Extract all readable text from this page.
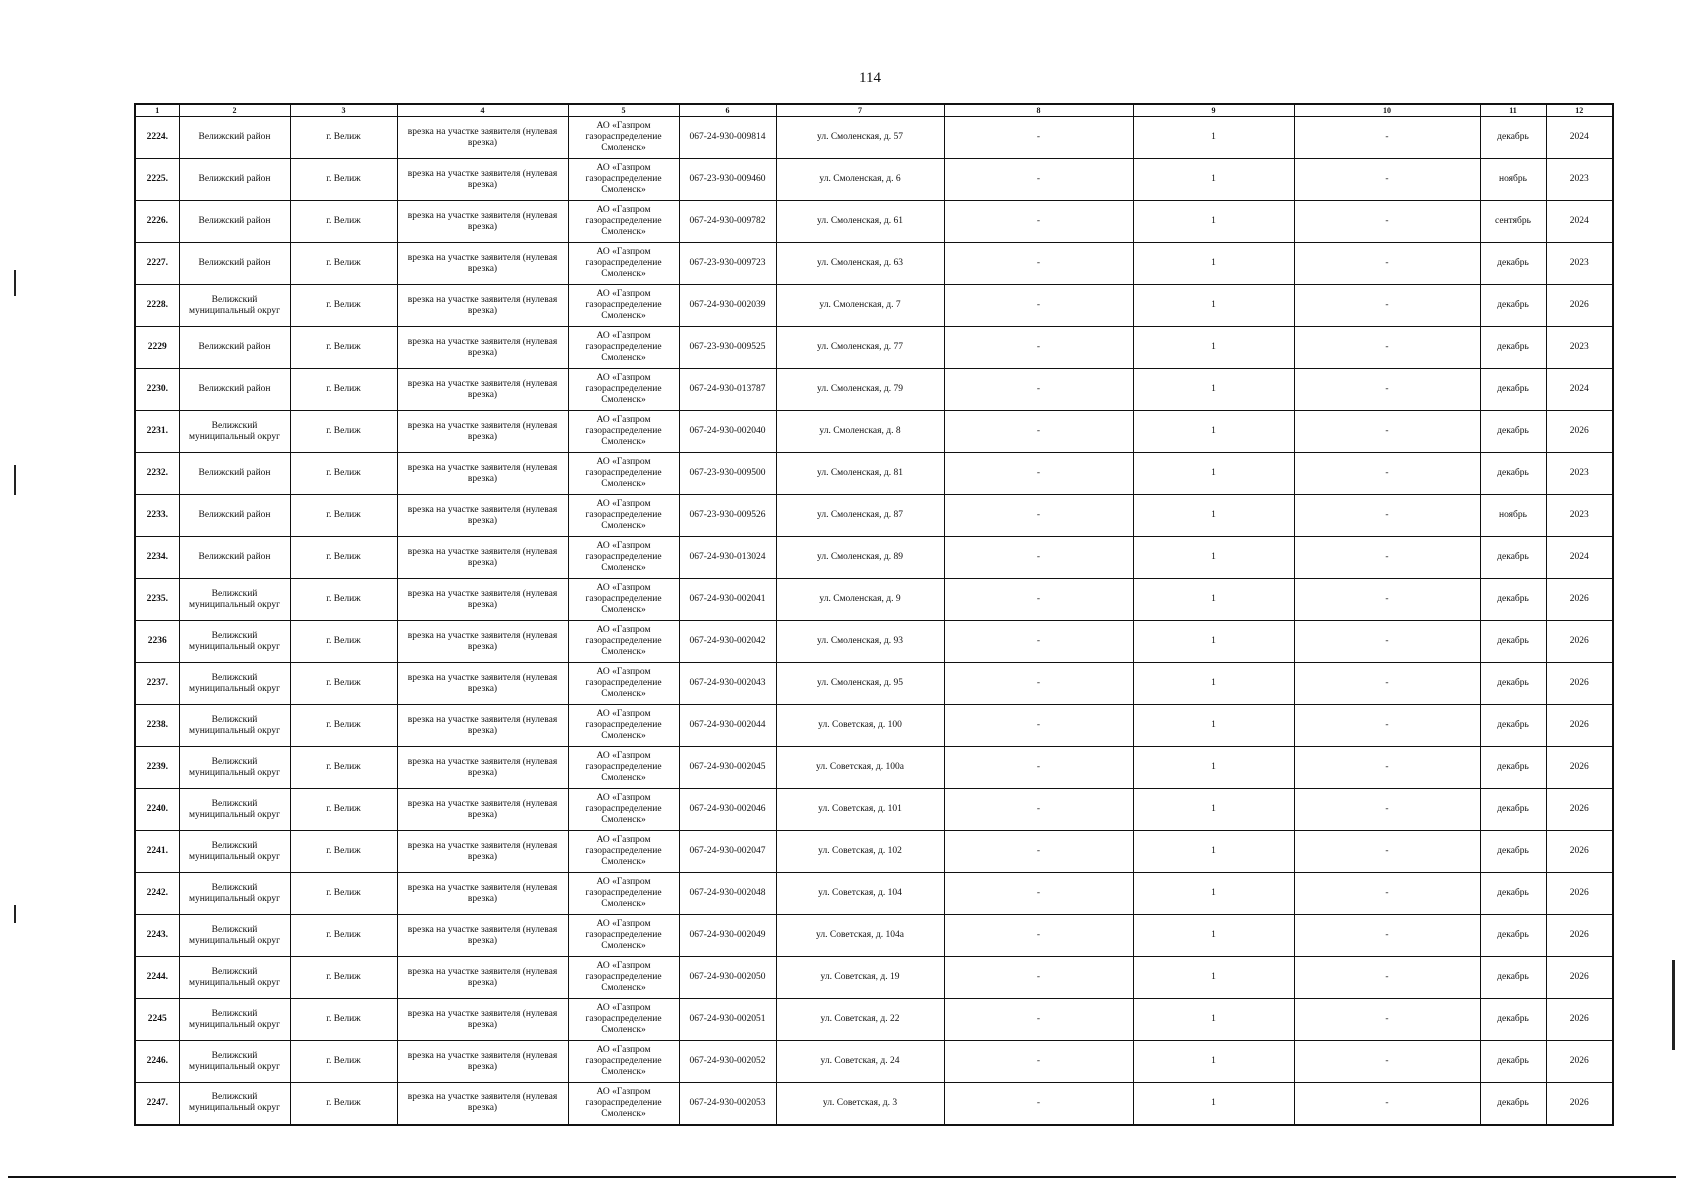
114
1	2	3	4	5	6	7	8	9	10	11	12
2224.	Велижский район	г. Велиж	врезка на участке заявителя (нулевая врезка)	АО «Газпром газораспределение Смоленск»	067-24-930-009814	ул. Смоленская, д. 57	-	1	-	декабрь	2024
2225.	Велижский район	г. Велиж	врезка на участке заявителя (нулевая врезка)	АО «Газпром газораспределение Смоленск»	067-23-930-009460	ул. Смоленская, д. 6	-	1	-	ноябрь	2023
2226.	Велижский район	г. Велиж	врезка на участке заявителя (нулевая врезка)	АО «Газпром газораспределение Смоленск»	067-24-930-009782	ул. Смоленская, д. 61	-	1	-	сентябрь	2024
2227.	Велижский район	г. Велиж	врезка на участке заявителя (нулевая врезка)	АО «Газпром газораспределение Смоленск»	067-23-930-009723	ул. Смоленская, д. 63	-	1	-	декабрь	2023
2228.	Велижский муниципальный округ	г. Велиж	врезка на участке заявителя (нулевая врезка)	АО «Газпром газораспределение Смоленск»	067-24-930-002039	ул. Смоленская, д. 7	-	1	-	декабрь	2026
2229	Велижский район	г. Велиж	врезка на участке заявителя (нулевая врезка)	АО «Газпром газораспределение Смоленск»	067-23-930-009525	ул. Смоленская, д. 77	-	1	-	декабрь	2023
2230.	Велижский район	г. Велиж	врезка на участке заявителя (нулевая врезка)	АО «Газпром газораспределение Смоленск»	067-24-930-013787	ул. Смоленская, д. 79	-	1	-	декабрь	2024
2231.	Велижский муниципальный округ	г. Велиж	врезка на участке заявителя (нулевая врезка)	АО «Газпром газораспределение Смоленск»	067-24-930-002040	ул. Смоленская, д. 8	-	1	-	декабрь	2026
2232.	Велижский район	г. Велиж	врезка на участке заявителя (нулевая врезка)	АО «Газпром газораспределение Смоленск»	067-23-930-009500	ул. Смоленская, д. 81	-	1	-	декабрь	2023
2233.	Велижский район	г. Велиж	врезка на участке заявителя (нулевая врезка)	АО «Газпром газораспределение Смоленск»	067-23-930-009526	ул. Смоленская, д. 87	-	1	-	ноябрь	2023
2234.	Велижский район	г. Велиж	врезка на участке заявителя (нулевая врезка)	АО «Газпром газораспределение Смоленск»	067-24-930-013024	ул. Смоленская, д. 89	-	1	-	декабрь	2024
2235.	Велижский муниципальный округ	г. Велиж	врезка на участке заявителя (нулевая врезка)	АО «Газпром газораспределение Смоленск»	067-24-930-002041	ул. Смоленская, д. 9	-	1	-	декабрь	2026
2236	Велижский муниципальный округ	г. Велиж	врезка на участке заявителя (нулевая врезка)	АО «Газпром газораспределение Смоленск»	067-24-930-002042	ул. Смоленская, д. 93	-	1	-	декабрь	2026
2237.	Велижский муниципальный округ	г. Велиж	врезка на участке заявителя (нулевая врезка)	АО «Газпром газораспределение Смоленск»	067-24-930-002043	ул. Смоленская, д. 95	-	1	-	декабрь	2026
2238.	Велижский муниципальный округ	г. Велиж	врезка на участке заявителя (нулевая врезка)	АО «Газпром газораспределение Смоленск»	067-24-930-002044	ул. Советская, д. 100	-	1	-	декабрь	2026
2239.	Велижский муниципальный округ	г. Велиж	врезка на участке заявителя (нулевая врезка)	АО «Газпром газораспределение Смоленск»	067-24-930-002045	ул. Советская, д. 100а	-	1	-	декабрь	2026
2240.	Велижский муниципальный округ	г. Велиж	врезка на участке заявителя (нулевая врезка)	АО «Газпром газораспределение Смоленск»	067-24-930-002046	ул. Советская, д. 101	-	1	-	декабрь	2026
2241.	Велижский муниципальный округ	г. Велиж	врезка на участке заявителя (нулевая врезка)	АО «Газпром газораспределение Смоленск»	067-24-930-002047	ул. Советская, д. 102	-	1	-	декабрь	2026
2242.	Велижский муниципальный округ	г. Велиж	врезка на участке заявителя (нулевая врезка)	АО «Газпром газораспределение Смоленск»	067-24-930-002048	ул. Советская, д. 104	-	1	-	декабрь	2026
2243.	Велижский муниципальный округ	г. Велиж	врезка на участке заявителя (нулевая врезка)	АО «Газпром газораспределение Смоленск»	067-24-930-002049	ул. Советская, д. 104а	-	1	-	декабрь	2026
2244.	Велижский муниципальный округ	г. Велиж	врезка на участке заявителя (нулевая врезка)	АО «Газпром газораспределение Смоленск»	067-24-930-002050	ул. Советская, д. 19	-	1	-	декабрь	2026
2245	Велижский муниципальный округ	г. Велиж	врезка на участке заявителя (нулевая врезка)	АО «Газпром газораспределение Смоленск»	067-24-930-002051	ул. Советская, д. 22	-	1	-	декабрь	2026
2246.	Велижский муниципальный округ	г. Велиж	врезка на участке заявителя (нулевая врезка)	АО «Газпром газораспределение Смоленск»	067-24-930-002052	ул. Советская, д. 24	-	1	-	декабрь	2026
2247.	Велижский муниципальный округ	г. Велиж	врезка на участке заявителя (нулевая врезка)	АО «Газпром газораспределение Смоленск»	067-24-930-002053	ул. Советская, д. 3	-	1	-	декабрь	2026
